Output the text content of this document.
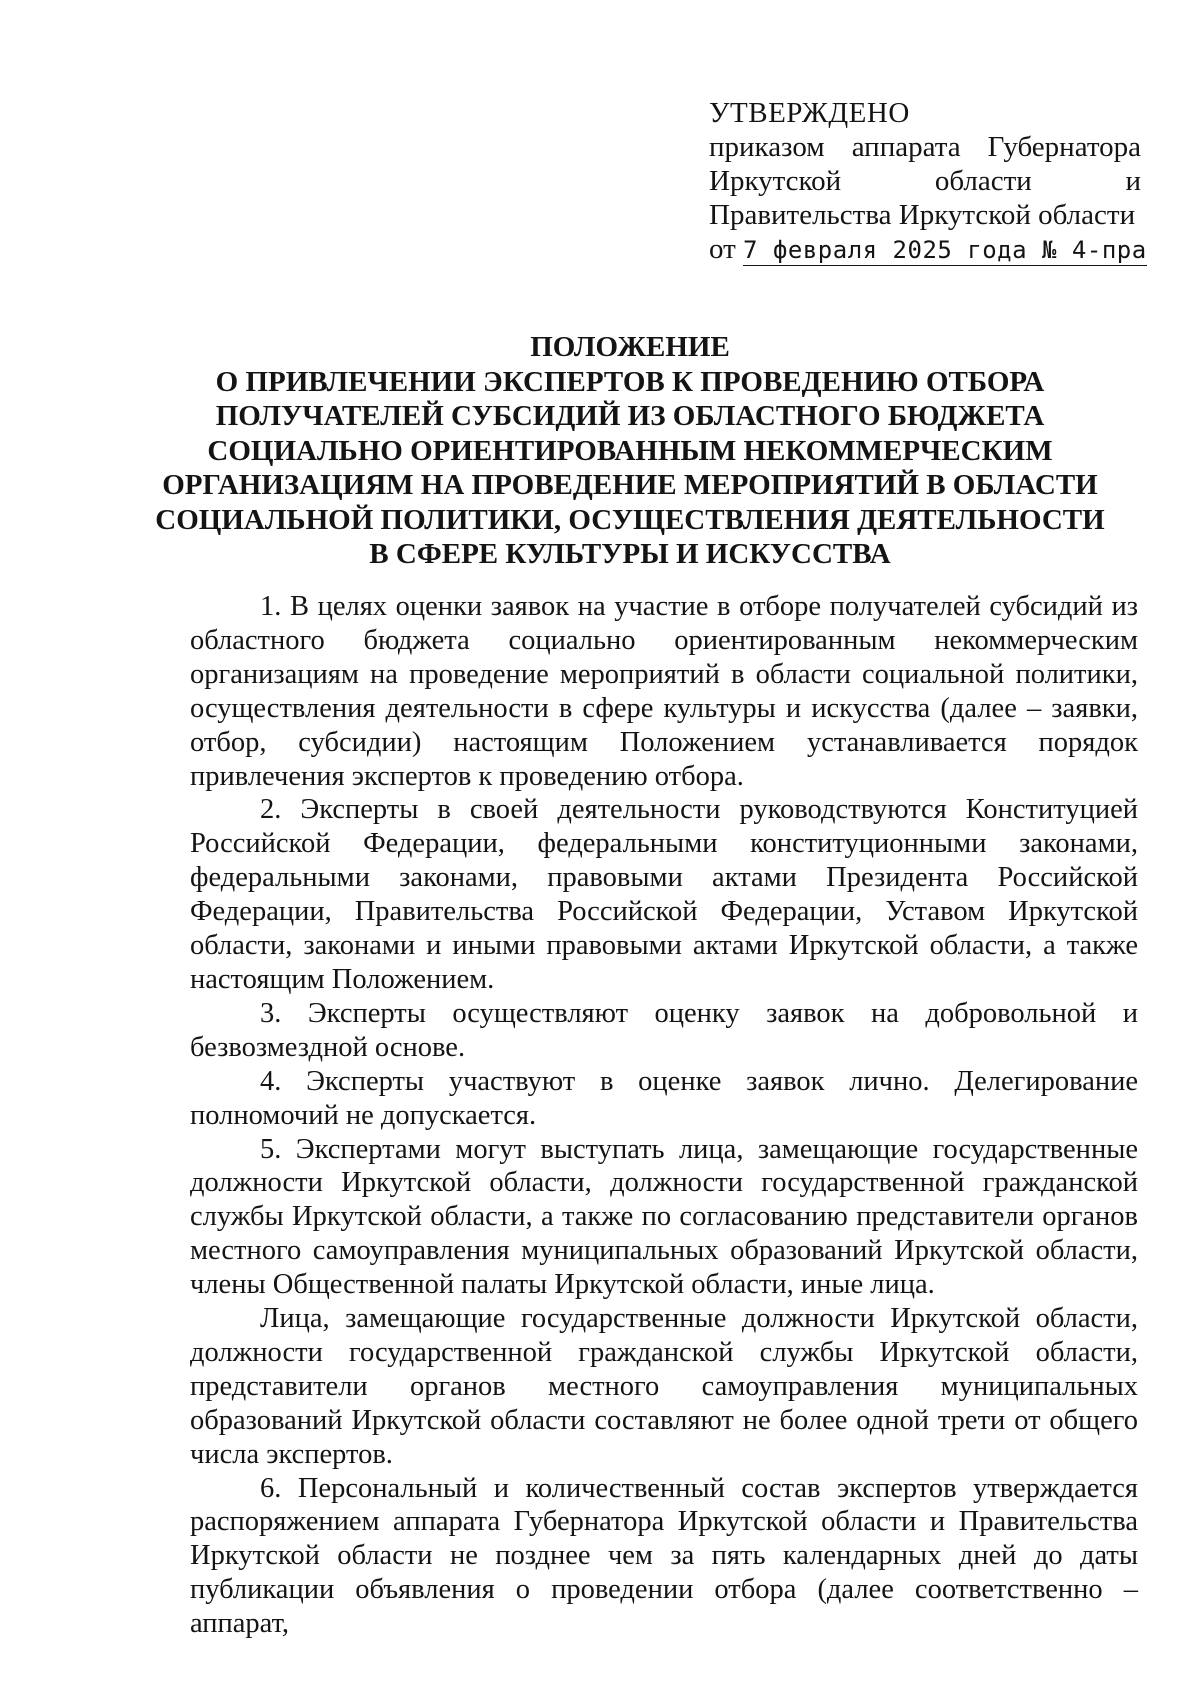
УТВЕРЖДЕНО
приказом аппарата Губернатора
Иркутской области и
Правительства Иркутской области
от 7 февраля 2025 года № 4-пра
ПОЛОЖЕНИЕ
О ПРИВЛЕЧЕНИИ ЭКСПЕРТОВ К ПРОВЕДЕНИЮ ОТБОРА
ПОЛУЧАТЕЛЕЙ СУБСИДИЙ ИЗ ОБЛАСТНОГО БЮДЖЕТА
СОЦИАЛЬНО ОРИЕНТИРОВАННЫМ НЕКОММЕРЧЕСКИМ
ОРГАНИЗАЦИЯМ НА ПРОВЕДЕНИЕ МЕРОПРИЯТИЙ В ОБЛАСТИ
СОЦИАЛЬНОЙ ПОЛИТИКИ, ОСУЩЕСТВЛЕНИЯ ДЕЯТЕЛЬНОСТИ
В СФЕРЕ КУЛЬТУРЫ И ИСКУССТВА

1. В целях оценки заявок на участие в отборе получателей субсидий из областного бюджета социально ориентированным некоммерческим организациям на проведение мероприятий в области социальной политики, осуществления деятельности в сфере культуры и искусства (далее – заявки, отбор, субсидии) настоящим Положением устанавливается порядок привлечения экспертов к проведению отбора.

2. Эксперты в своей деятельности руководствуются Конституцией Российской Федерации, федеральными конституционными законами, федеральными законами, правовыми актами Президента Российской Федерации, Правительства Российской Федерации, Уставом Иркутской области, законами и иными правовыми актами Иркутской области, а также настоящим Положением.

3. Эксперты осуществляют оценку заявок на добровольной и безвозмездной основе.

4. Эксперты участвуют в оценке заявок лично. Делегирование полномочий не допускается.

5. Экспертами могут выступать лица, замещающие государственные должности Иркутской области, должности государственной гражданской службы Иркутской области, а также по согласованию представители органов местного самоуправления муниципальных образований Иркутской области, члены Общественной палаты Иркутской области, иные лица.

Лица, замещающие государственные должности Иркутской области, должности государственной гражданской службы Иркутской области, представители органов местного самоуправления муниципальных образований Иркутской области составляют не более одной трети от общего числа экспертов.

6. Персональный и количественный состав экспертов утверждается распоряжением аппарата Губернатора Иркутской области и Правительства Иркутской области не позднее чем за пять календарных дней до даты публикации объявления о проведении отбора (далее соответственно – аппарат,
